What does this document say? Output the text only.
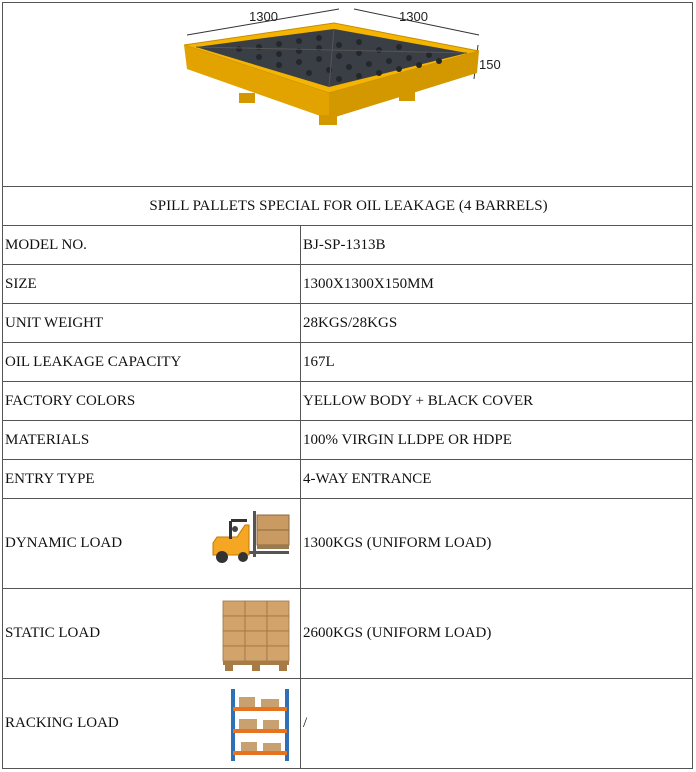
1300 1300
150	

SPILL PALLETS SPECIAL FOR OIL LEAKAGE (4 BARRELS)	
MODEL NO.	BJ-SP-1313B
SIZE	1300X1300X150MM
UNIT WEIGHT	28KGS/28KGS
OIL LEAKAGE CAPACITY	167L
FACTORY COLORS	YELLOW BODY + BLACK COVER
MATERIALS	100% VIRGIN LLDPE OR HDPE
ENTRY TYPE	4-WAY ENTRANCE

DYNAMIC LOAD	1300KGS (UNIFORM LOAD)

STATIC LOAD	2600KGS (UNIFORM LOAD)

RACKING LOAD	/
